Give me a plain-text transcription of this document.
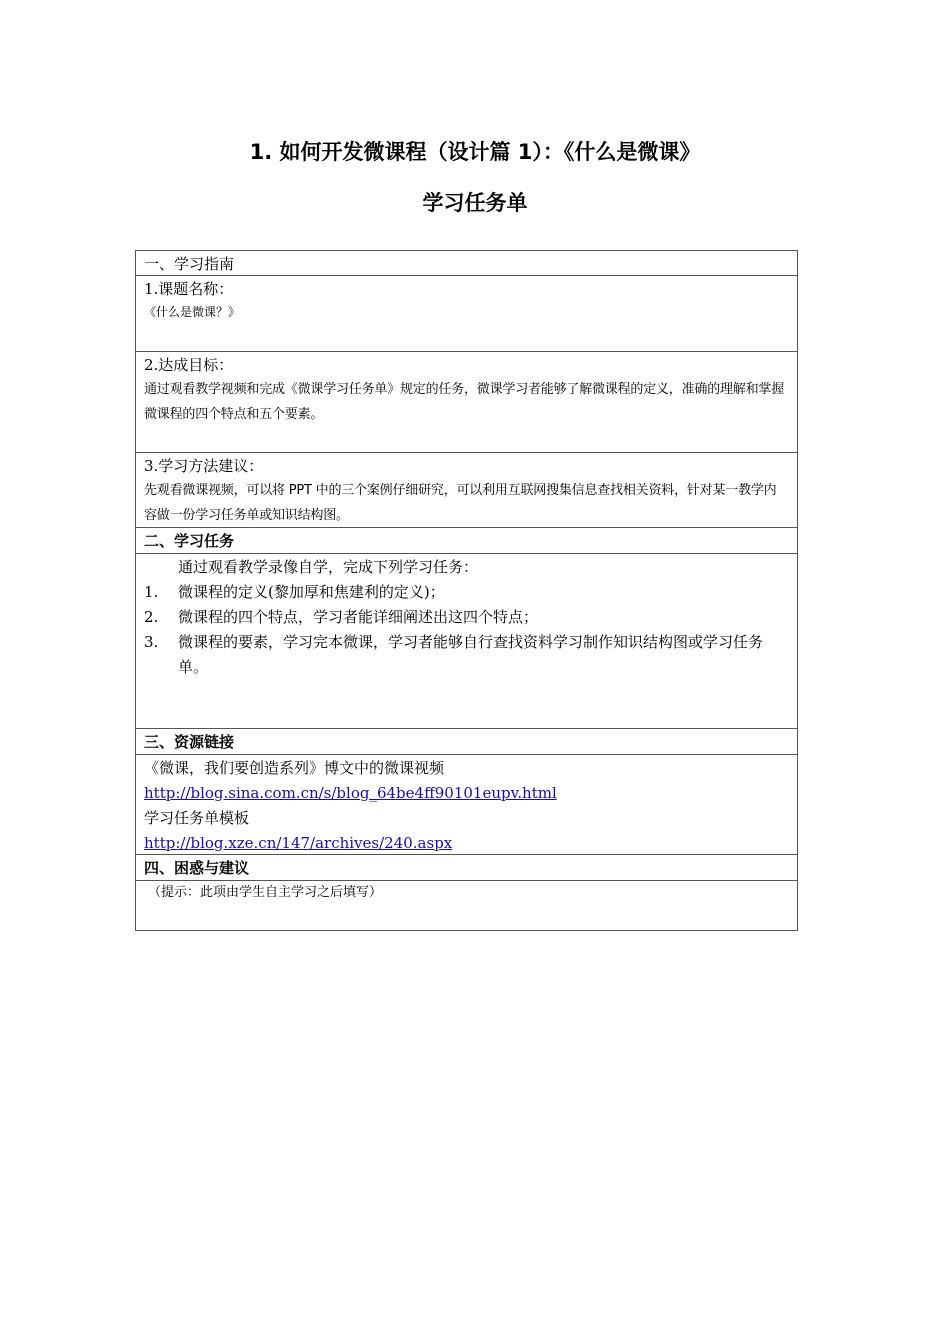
1. 如何开发微课程（设计篇 1）：《什么是微课》
学习任务单
一、学习指南
1.课题名称：
《什么是微课？》
2.达成目标：
通过观看教学视频和完成《微课学习任务单》规定的任务，微课学习者能够了解微课程的定义，准确的理解和掌握微课程的四个特点和五个要素。
3.学习方法建议：
先观看微课视频，可以将 PPT 中的三个案例仔细研究，可以利用互联网搜集信息查找相关资料，针对某一教学内容做一份学习任务单或知识结构图。
二、学习任务
通过观看教学录像自学，完成下列学习任务：
1.	微课程的定义(黎加厚和焦建利的定义)；
2.	微课程的四个特点，学习者能详细阐述出这四个特点；
3.	微课程的要素，学习完本微课，学习者能够自行查找资料学习制作知识结构图或学习任务单。
三、资源链接
《微课，我们要创造系列》博文中的微课视频
http://blog.sina.com.cn/s/blog_64be4ff90101eupv.html
学习任务单模板
http://blog.xze.cn/147/archives/240.aspx
四、困惑与建议
（提示：此项由学生自主学习之后填写）
